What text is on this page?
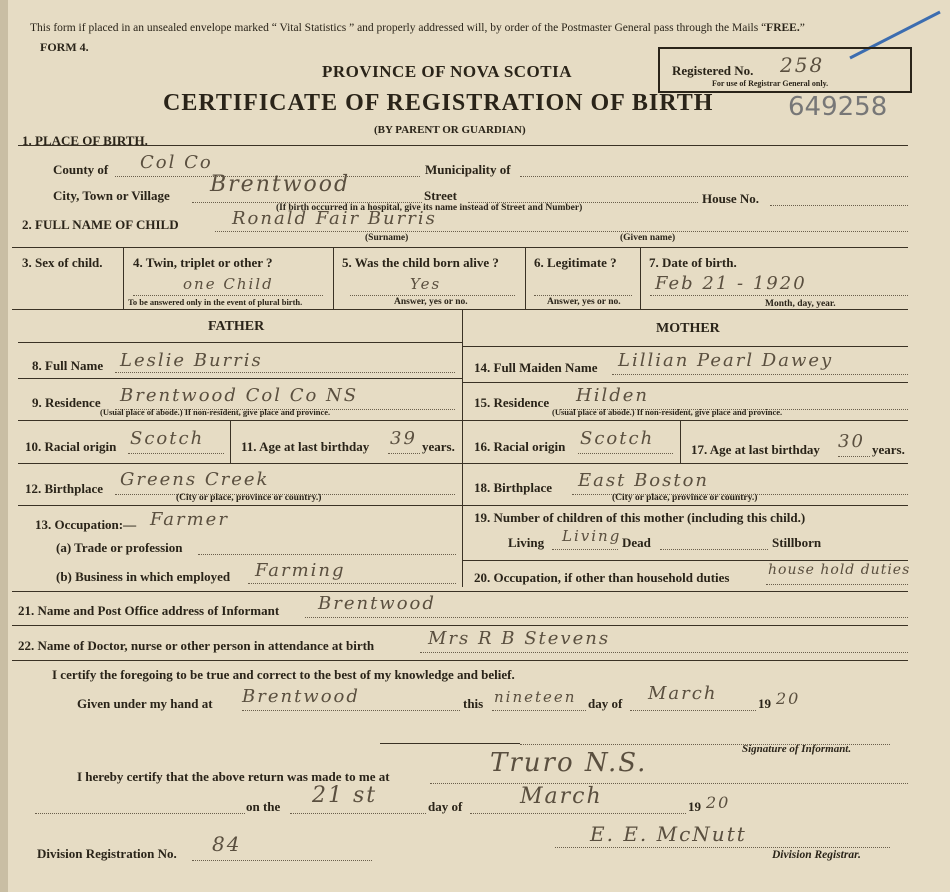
This form if placed in an unsealed envelope marked “ Vital Statistics ” and properly addressed will, by order of the Postmaster General pass through the Mails “FREE.”
FORM 4.
PROVINCE OF NOVA SCOTIA
CERTIFICATE OF REGISTRATION OF BIRTH
(BY PARENT OR GUARDIAN)
Registered No. 258
For use of Registrar General only.
649258
1. PLACE OF BIRTH.
County of Col Co	Municipality of
City, Town or Village Brentwood	Street	House No.
(If birth occurred in a hospital, give its name instead of Street and Number)
2. FULL NAME OF CHILD	Ronald Fair Burris
(Surname)	(Given name)
3. Sex of child. 4. Twin, triplet or other ?
one Child
To be answered only in the event of plural birth.
5. Was the child born alive ?
Yes
Answer, yes or no.
6. Legitimate ?
Answer, yes or no.
7. Date of birth.
Feb 21 - 1920
Month, day, year.
FATHER	MOTHER
8. Full Name Leslie Burris
9. Residence Brentwood Col Co NS
(Usual place of abode.) If non-resident, give place and province.
10. Racial origin Scotch	11. Age at last birthday 39 years.
12. Birthplace Greens Creek
(City or place, province or country.)
13. Occupation:— Farmer
(a) Trade or profession
(b) Business in which employed Farming
14. Full Maiden Name Lillian Pearl Dawey
15. Residence Hilden
(Usual place of abode.) If non-resident, give place and province.
16. Racial origin Scotch
17. Age at last birthday 30 years.
18. Birthplace East Boston
(City or place, province or country.)
19. Number of children of this mother (including this child.)
Living Living Dead	Stillborn
20. Occupation, if other than household duties	house hold duties
21. Name and Post Office address of Informant Brentwood
22. Name of Doctor, nurse or other person in attendance at birth	Mrs R B Stevens
I certify the foregoing to be true and correct to the best of my knowledge and belief.
Given under my hand at Brentwood	this nineteen day of March	19 20
Signature of Informant.
I hereby certify that the above return was made to me at	Truro N.S.
on the 21 st	day of	March	19 20
Division Registration No. 84	E. E. McNutt
Division Registrar.
